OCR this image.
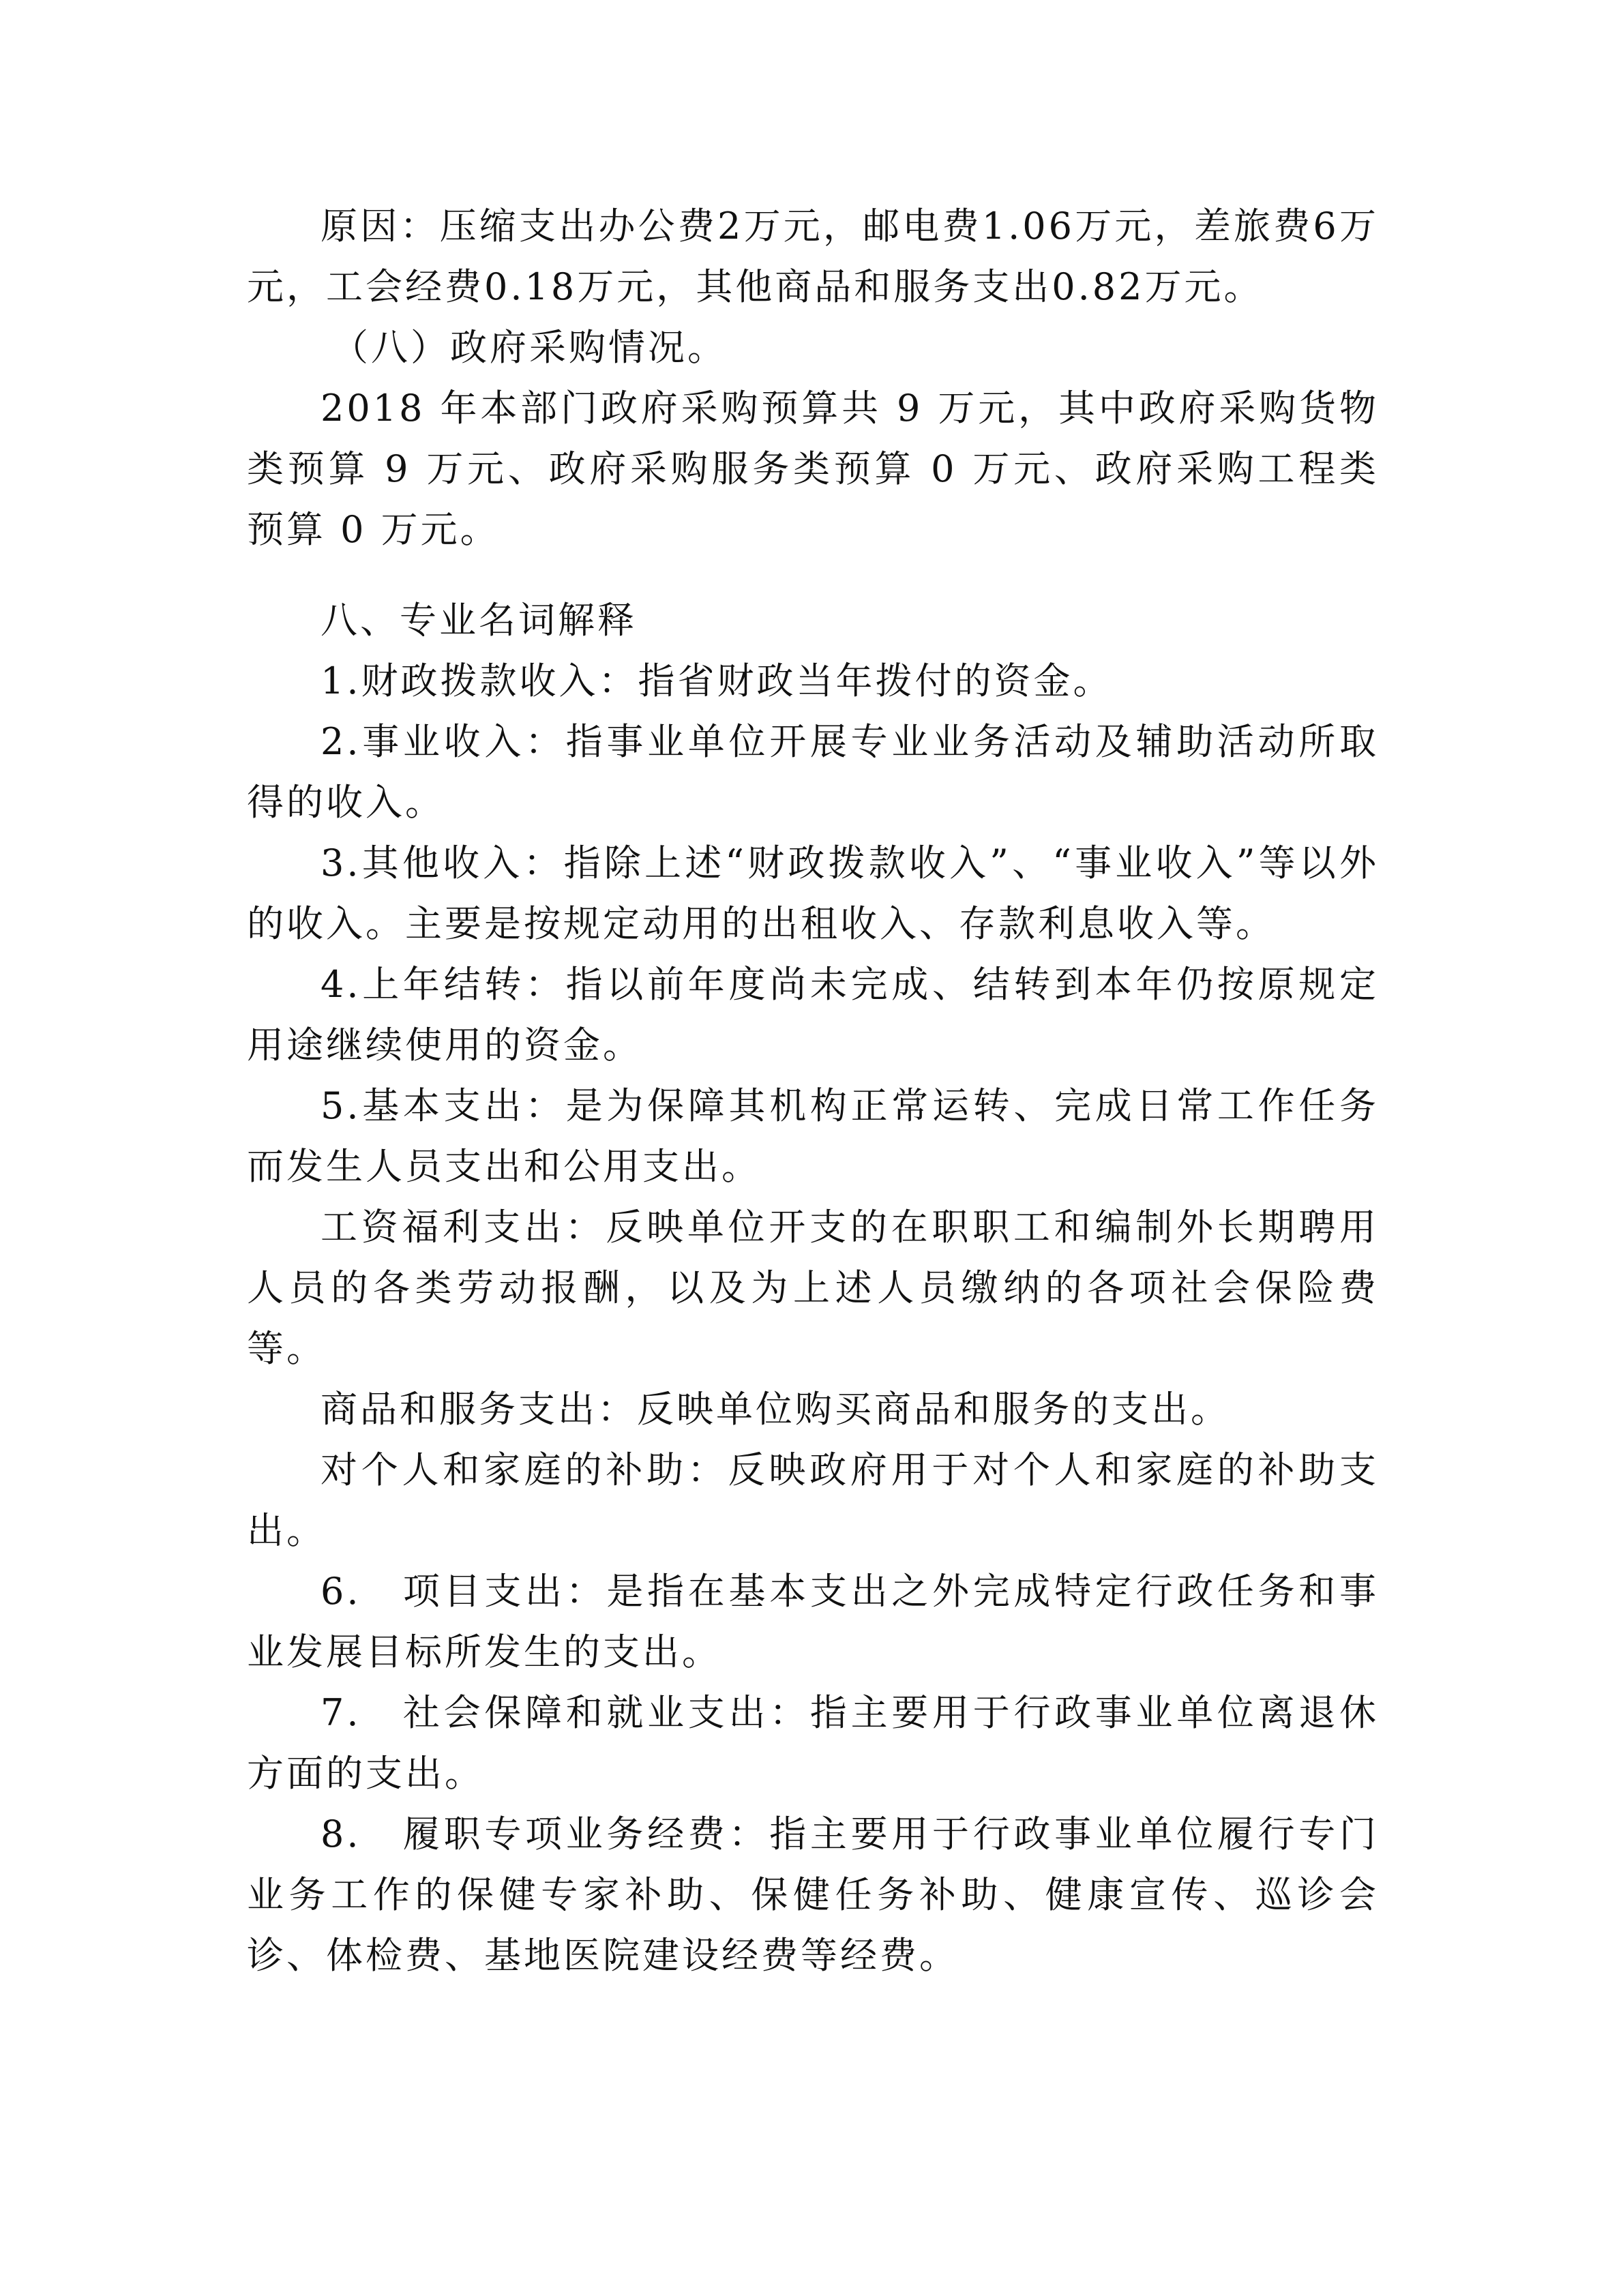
原因：压缩支出办公费2万元，邮电费1.06万元，差旅费6万元，工会经费0.18万元，其他商品和服务支出0.82万元。

（八）政府采购情况。

2018 年本部门政府采购预算共 9 万元，其中政府采购货物类预算 9 万元、政府采购服务类预算 0 万元、政府采购工程类预算 0 万元。

八、专业名词解释

1.财政拨款收入：指省财政当年拨付的资金。

2.事业收入：指事业单位开展专业业务活动及辅助活动所取得的收入。

3.其他收入：指除上述“财政拨款收入”、“事业收入”等以外的收入。主要是按规定动用的出租收入、存款利息收入等。

4.上年结转：指以前年度尚未完成、结转到本年仍按原规定用途继续使用的资金。

5.基本支出：是为保障其机构正常运转、完成日常工作任务而发生人员支出和公用支出。

工资福利支出：反映单位开支的在职职工和编制外长期聘用人员的各类劳动报酬，以及为上述人员缴纳的各项社会保险费等。

商品和服务支出：反映单位购买商品和服务的支出。

对个人和家庭的补助：反映政府用于对个人和家庭的补助支出。

6.　项目支出：是指在基本支出之外完成特定行政任务和事业发展目标所发生的支出。

7.　社会保障和就业支出：指主要用于行政事业单位离退休方面的支出。

8.　履职专项业务经费：指主要用于行政事业单位履行专门业务工作的保健专家补助、保健任务补助、健康宣传、巡诊会诊、体检费、基地医院建设经费等经费。
